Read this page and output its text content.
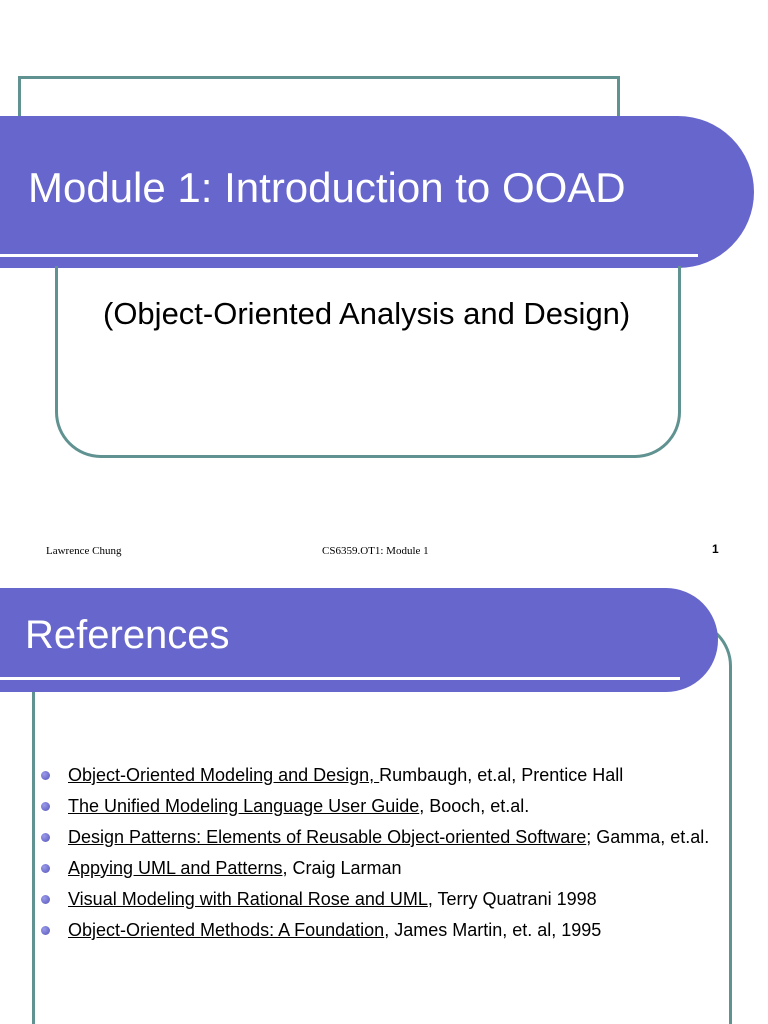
Module 1: Introduction to OOAD

(Object-Oriented Analysis and Design)

Lawrence Chung	CS6359.OT1: Module 1	1
References
Object-Oriented Modeling and Design, Rumbaugh, et.al, Prentice Hall
The Unified Modeling Language User Guide, Booch, et.al.
Design Patterns: Elements of Reusable Object-oriented Software; Gamma, et.al.
Appying UML and Patterns, Craig Larman
Visual Modeling with Rational Rose and UML, Terry Quatrani 1998
Object-Oriented Methods: A Foundation, James Martin, et. al, 1995
